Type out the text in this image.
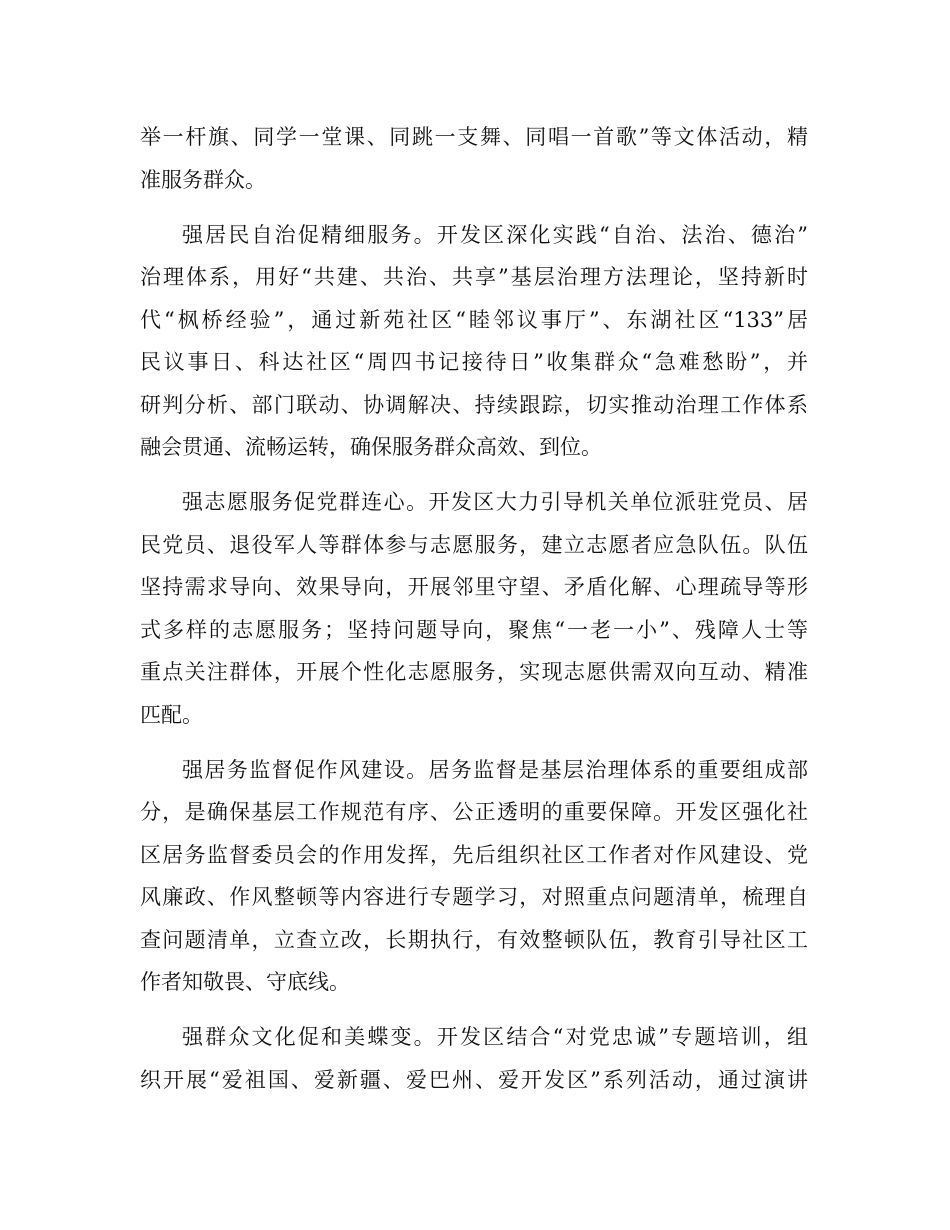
举一杆旗、同学一堂课、同跳一支舞、同唱一首歌”等文体活动，精
准服务群众。
强居民自治促精细服务。开发区深化实践“自治、法治、德治”
治理体系，用好“共建、共治、共享”基层治理方法理论，坚持新时
代“枫桥经验”，通过新苑社区“睦邻议事厅”、东湖社区“133”居
民议事日、科达社区“周四书记接待日”收集群众“急难愁盼”，并
研判分析、部门联动、协调解决、持续跟踪，切实推动治理工作体系
融会贯通、流畅运转，确保服务群众高效、到位。
强志愿服务促党群连心。开发区大力引导机关单位派驻党员、居
民党员、退役军人等群体参与志愿服务，建立志愿者应急队伍。队伍
坚持需求导向、效果导向，开展邻里守望、矛盾化解、心理疏导等形
式多样的志愿服务；坚持问题导向，聚焦“一老一小”、残障人士等
重点关注群体，开展个性化志愿服务，实现志愿供需双向互动、精准
匹配。
强居务监督促作风建设。居务监督是基层治理体系的重要组成部
分，是确保基层工作规范有序、公正透明的重要保障。开发区强化社
区居务监督委员会的作用发挥，先后组织社区工作者对作风建设、党
风廉政、作风整顿等内容进行专题学习，对照重点问题清单，梳理自
查问题清单，立查立改，长期执行，有效整顿队伍，教育引导社区工
作者知敬畏、守底线。
强群众文化促和美蝶变。开发区结合“对党忠诚”专题培训，组
织开展“爱祖国、爱新疆、爱巴州、爱开发区”系列活动，通过演讲
